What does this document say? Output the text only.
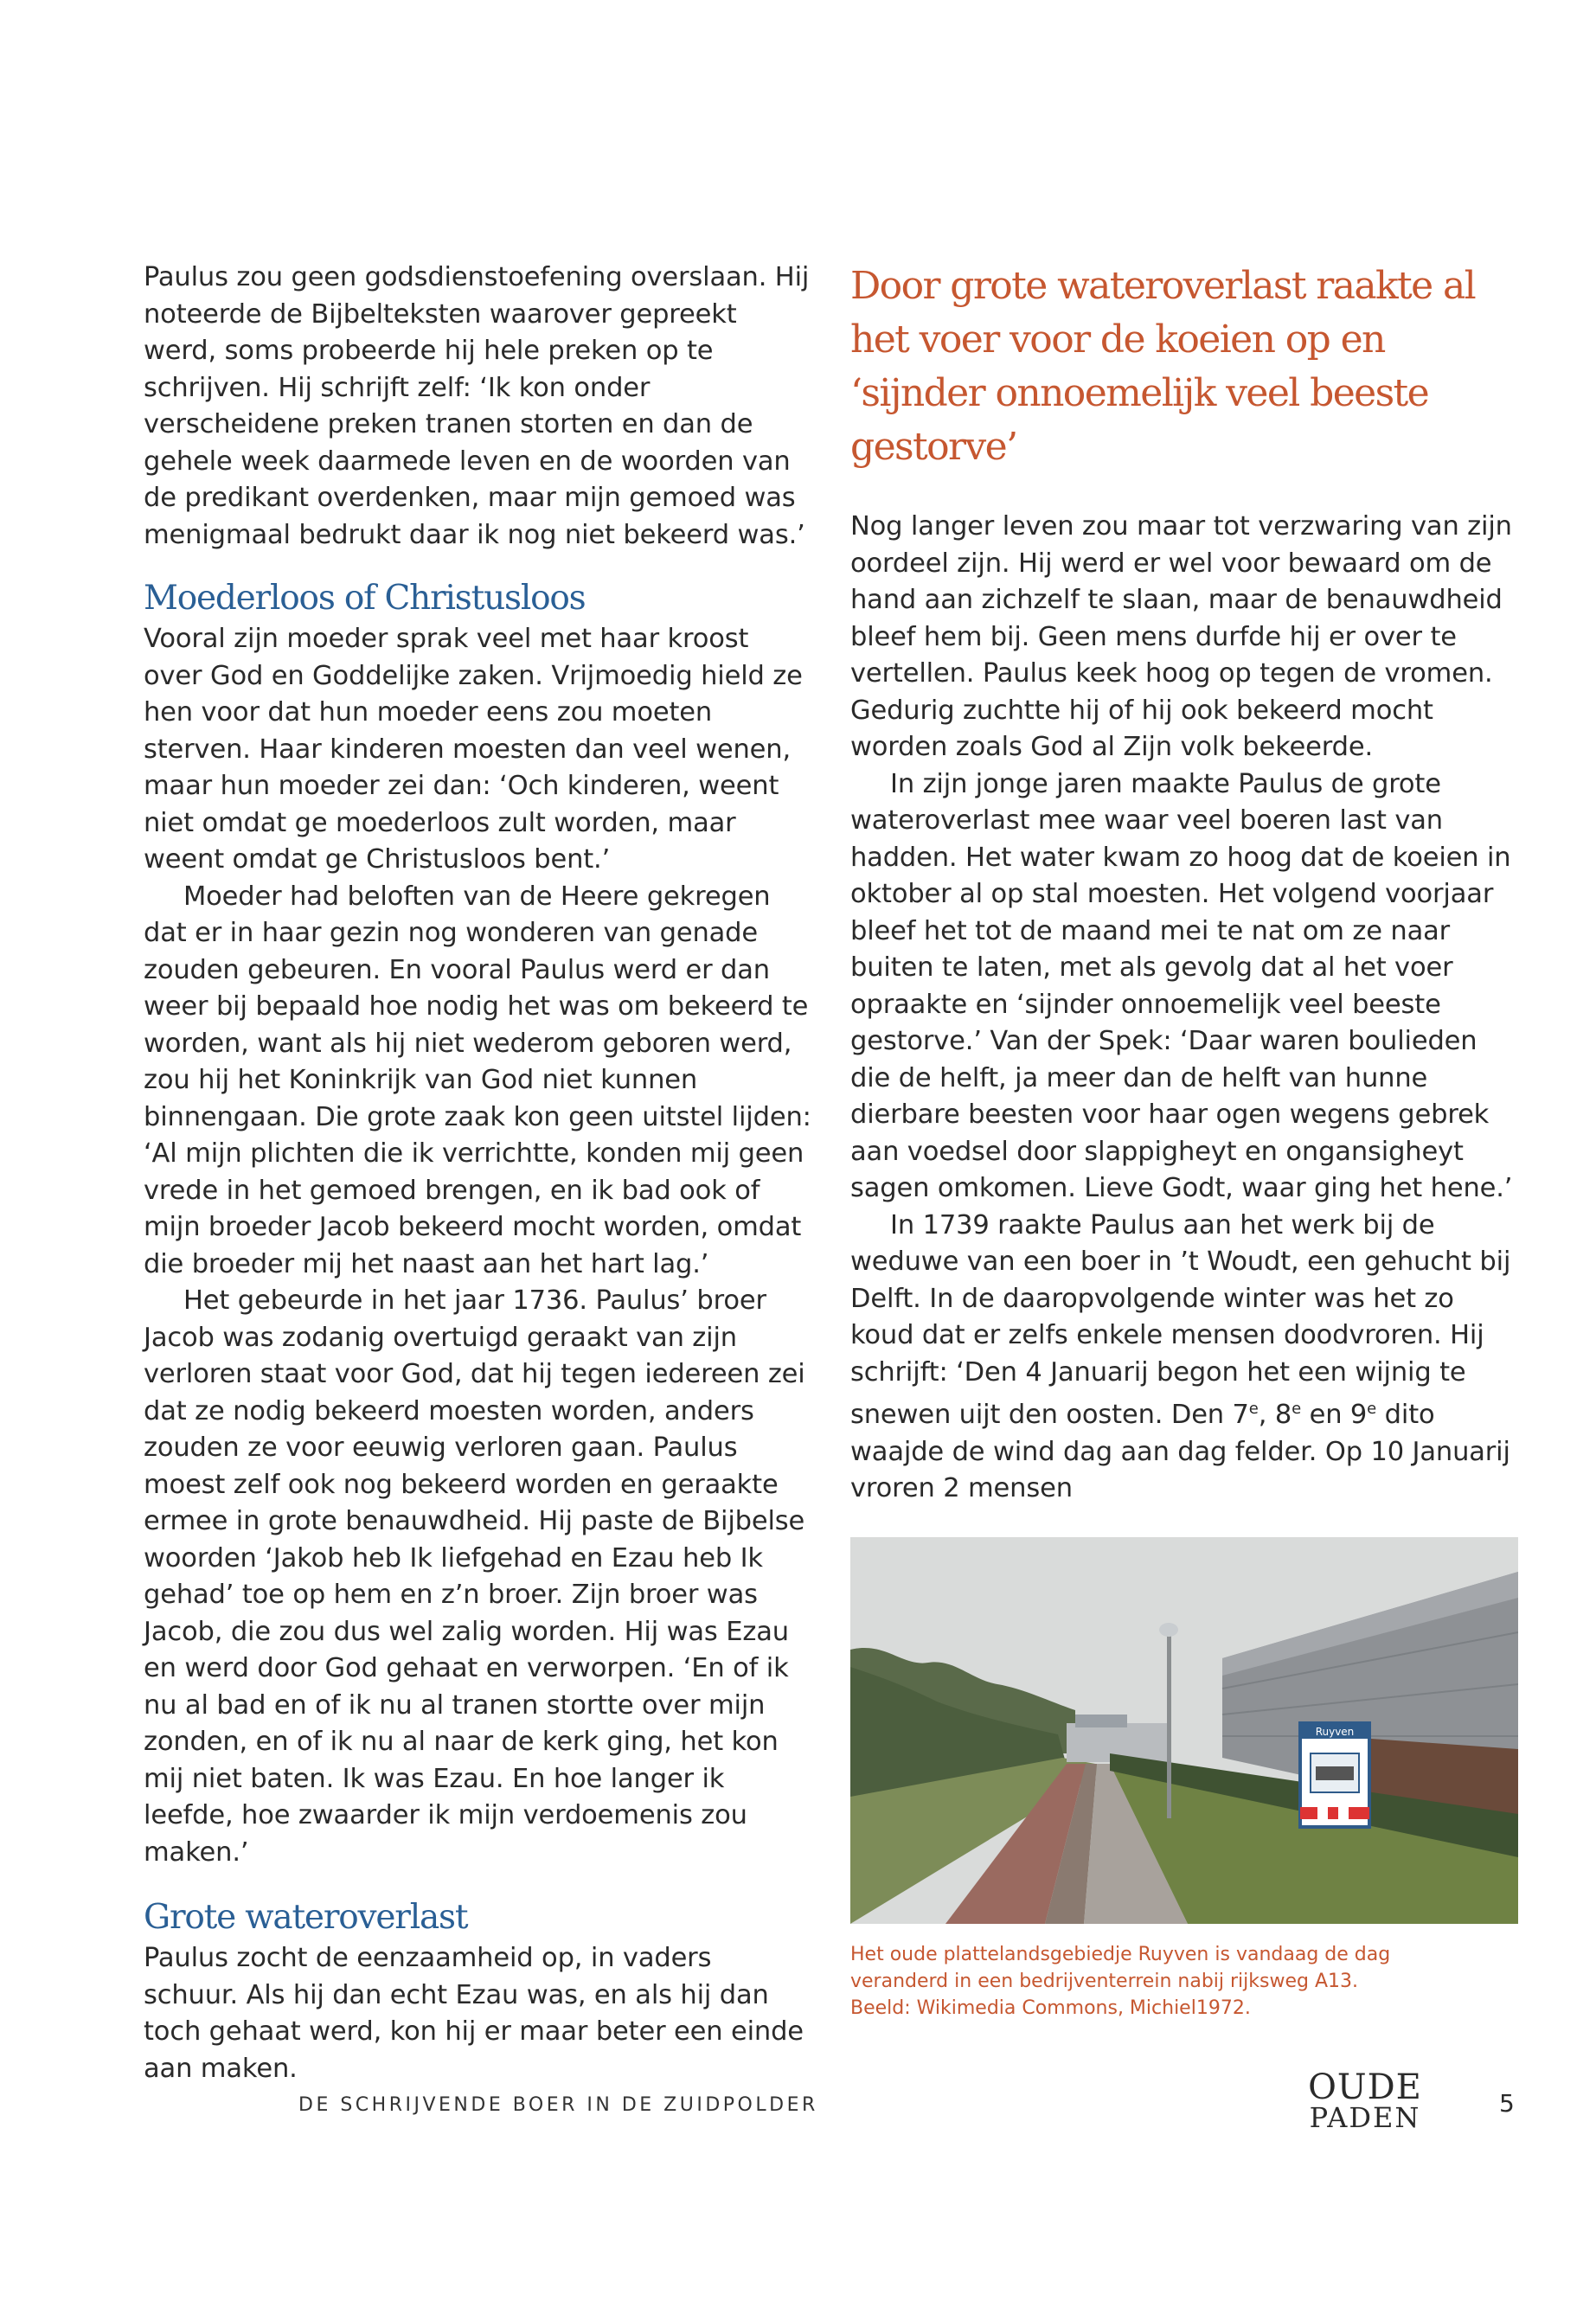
Paulus zou geen godsdienstoefening overslaan. Hij noteerde de Bijbelteksten waarover gepreekt werd, soms probeerde hij hele preken op te schrijven. Hij schrijft zelf: ‘Ik kon onder verscheidene preken tranen storten en dan de gehele week daarmede leven en de woorden van de predikant overdenken, maar mijn gemoed was menigmaal bedrukt daar ik nog niet bekeerd was.’

Moederloos of Christusloos

Vooral zijn moeder sprak veel met haar kroost over God en Goddelijke zaken. Vrijmoedig hield ze hen voor dat hun moeder eens zou moeten sterven. Haar kinderen moesten dan veel wenen, maar hun moeder zei dan: ‘Och kinderen, weent niet omdat ge moederloos zult worden, maar weent omdat ge Christusloos bent.’

Moeder had beloften van de Heere gekregen dat er in haar gezin nog wonderen van genade zouden gebeuren. En vooral Paulus werd er dan weer bij bepaald hoe nodig het was om bekeerd te worden, want als hij niet wederom geboren werd, zou hij het Koninkrijk van God niet kunnen binnengaan. Die grote zaak kon geen uitstel lijden: ‘Al mijn plichten die ik verrichtte, konden mij geen vrede in het gemoed brengen, en ik bad ook of mijn broeder Jacob bekeerd mocht worden, omdat die broeder mij het naast aan het hart lag.’

Het gebeurde in het jaar 1736. Paulus’ broer Jacob was zodanig overtuigd geraakt van zijn verloren staat voor God, dat hij tegen iedereen zei dat ze nodig bekeerd moesten worden, anders zouden ze voor eeuwig verloren gaan. Paulus moest zelf ook nog bekeerd worden en geraakte ermee in grote benauwdheid. Hij paste de Bijbelse woorden ‘Jakob heb Ik liefgehad en Ezau heb Ik gehad’ toe op hem en z’n broer. Zijn broer was Jacob, die zou dus wel zalig worden. Hij was Ezau en werd door God gehaat en verworpen. ‘En of ik nu al bad en of ik nu al tranen stortte over mijn zonden, en of ik nu al naar de kerk ging, het kon mij niet baten. Ik was Ezau. En hoe langer ik leefde, hoe zwaarder ik mijn verdoemenis zou maken.’

Grote wateroverlast

Paulus zocht de eenzaamheid op, in vaders schuur. Als hij dan echt Ezau was, en als hij dan toch gehaat werd, kon hij er maar beter een einde aan maken.

Door grote wateroverlast raakte al het voer voor de koeien op en ‘sijnder onnoemelijk veel beeste gestorve’

Nog langer leven zou maar tot verzwaring van zijn oordeel zijn. Hij werd er wel voor bewaard om de hand aan zichzelf te slaan, maar de benauwdheid bleef hem bij. Geen mens durfde hij er over te vertellen. Paulus keek hoog op tegen de vromen. Gedurig zuchtte hij of hij ook bekeerd mocht worden zoals God al Zijn volk bekeerde.

In zijn jonge jaren maakte Paulus de grote wateroverlast mee waar veel boeren last van hadden. Het water kwam zo hoog dat de koeien in oktober al op stal moesten. Het volgend voorjaar bleef het tot de maand mei te nat om ze naar buiten te laten, met als gevolg dat al het voer opraakte en ‘sijnder onnoemelijk veel beeste gestorve.’ Van der Spek: ‘Daar waren boulieden die de helft, ja meer dan de helft van hunne dierbare beesten voor haar ogen wegens gebrek aan voedsel door slappigheyt en ongansigheyt sagen omkomen. Lieve Godt, waar ging het hene.’

In 1739 raakte Paulus aan het werk bij de weduwe van een boer in ’t Woudt, een gehucht bij Delft. In de daaropvolgende winter was het zo koud dat er zelfs enkele mensen doodvroren. Hij schrijft: ‘Den 4 Januarij begon het een wijnig te snewen uijt den oosten. Den 7e, 8e en 9e dito waajde de wind dag aan dag felder. Op 10 Januarij vroren 2 mensen

Ruyven
Het oude plattelandsgebiedje Ruyven is vandaag de dag
veranderd in een bedrijventerrein nabij rijksweg A13.
Beeld: Wikimedia Commons, Michiel1972.
DE SCHRIJVENDE BOER IN DE ZUIDPOLDER	OUDE
PADEN	5
